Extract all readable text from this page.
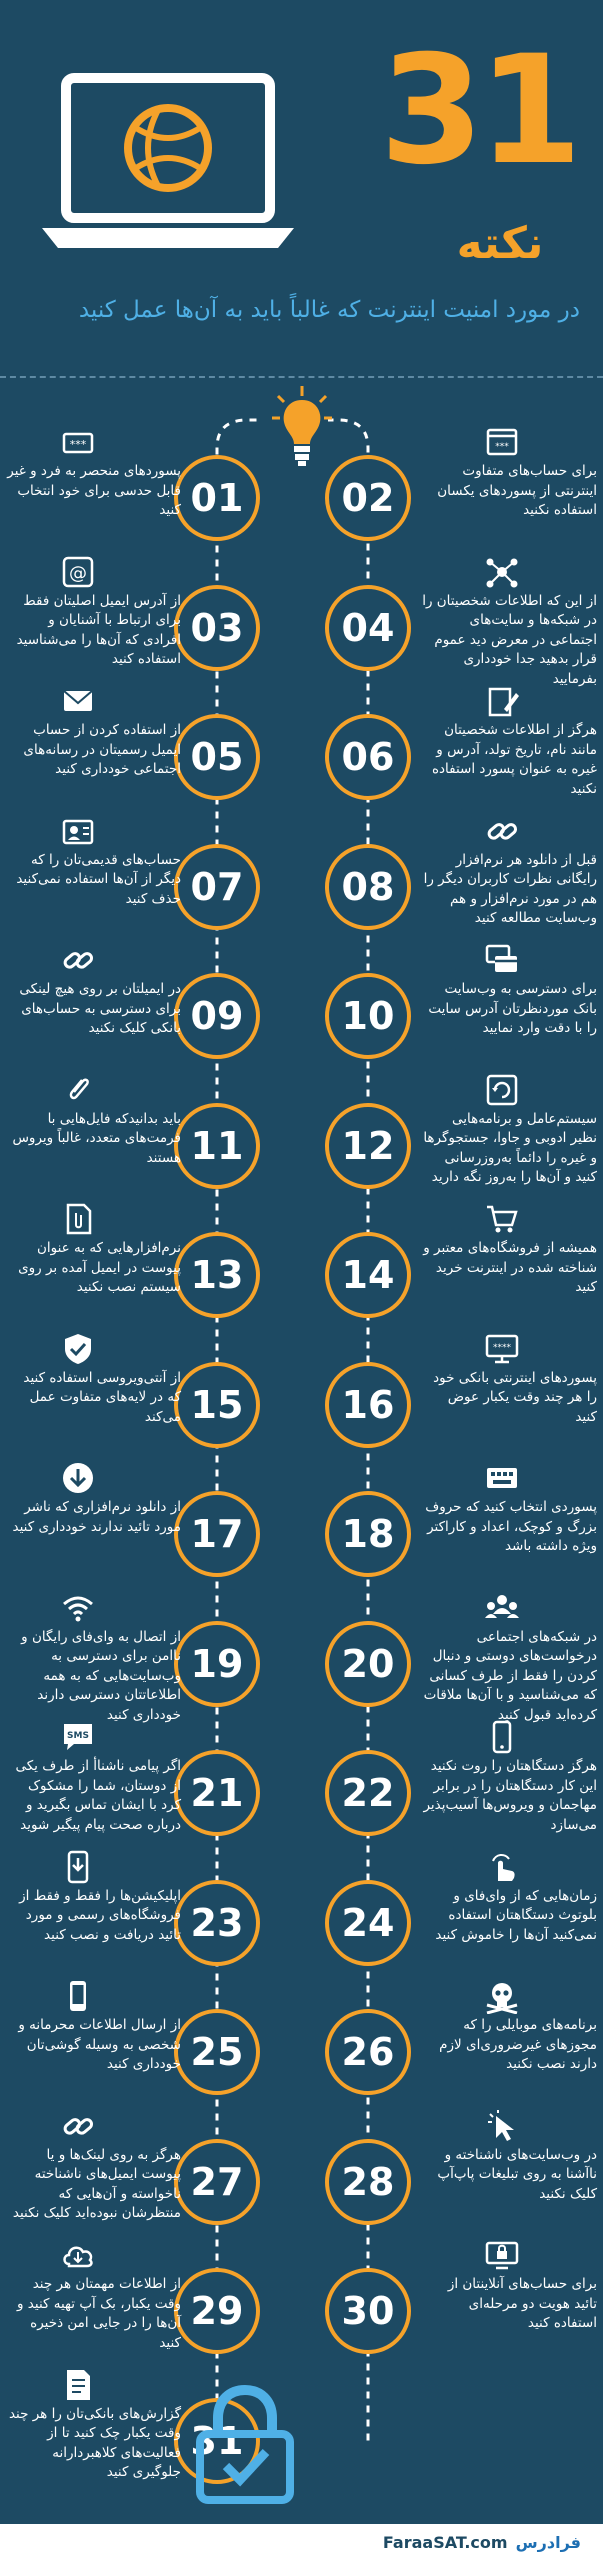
31
نکته
در مورد امنیت اینترنت که غالباً باید به آن‌ها عمل کنید
01
***
پسوردهای منحصر به فرد و غیر قابل حدسی برای خود انتخاب کنید	02
***
برای حساب‌های متفاوت اینترنتی از پسوردهای یکسان استفاده نکنید
03
@
از آدرس ایمیل اصلیتان فقط برای ارتباط با آشنایان و افرادی که آن‌ها را می‌شناسید استفاده کنید
04
از این که اطلاعات شخصیتان را در شبکه‌ها و سایت‌های اجتماعی در معرض دید عموم قرار بدهید جدا خودداری بفرمایید
05
از استفاده کردن از حساب ایمیل رسمیتان در رسانه‌های اجتماعی خودداری کنید	06
هرگز از اطلاعات شخصیتان مانند نام، تاریخ تولد، آدرس و غیره به عنوان پسورد استفاده نکنید
07
حساب‌های قدیمی‌تان را که دیگر از آن‌ها استفاده نمی‌کنید حذف کنید	08
قبل از دانلود هر نرم‌افزار رایگانی نظرات کاربران دیگر را هم در مورد نرم‌افزار و هم وب‌سایت مطالعه کنید
09
در ایمیلتان بر روی هیچ لینکی برای دسترسی به حساب‌های بانکی کلیک نکنید	10
برای دسترسی به وب‌سایت بانک موردنظرتان آدرس سایت را با دقت وارد نمایید
11
باید بدانیدکه فایل‌هایی با فرمت‌های متعدد، غالباً ویروس هستند	12
سیستم‌عامل و برنامه‌هایی نظیر ادوبی و جاوا، جستجوگرها و غیره را دائماً به‌روزرسانی کنید و آن‌ها را به‌روز نگه دارید
13
نرم‌افزارهایی که به عنوان پیوست در ایمیل آمده بر روی سیستم نصب نکنید	14
همیشه از فروشگاه‌های معتبر و شناخته شده در اینترنت خرید کنید
15
از آنتی‌ویروسی استفاده کنید که در لایه‌های متفاوت عمل می‌کند	16
****
پسوردهای اینترنتی بانکی خود را هر چند وقت یکبار عوض کنید
17
از دانلود نرم‌افزاری که ناشر مورد تائید ندارند خودداری کنید	18
پسوردی انتخاب کنید که حروف بزرگ و کوچک، اعداد و کاراکتر ویژه داشته باشد
19
از اتصال به وای‌فای رایگان و ناامن برای دسترسی به وب‌سایت‌هایی که به همه اطلاعاتتان دسترسی دارند خودداری کنید
20
در شبکه‌های اجتماعی درخواست‌های دوستی و دنبال کردن را فقط از طرف کسانی که می‌شناسید و با آن‌ها ملاقات کرده‌اید قبول کنید
21
SMS
اگر پیامی ناشناأ از طرف یکی از دوستان، شما را مشکوک کرد با ایشان تماس بگیرید و درباره صحت پیام پیگیر شوید
22
هرگز دستگاهتان را روت نکنید این کار دستگاهتان را در برابر مهاجمان و ویروس‌ها آسیب‌پذیر می‌سازد
23
اپلیکیشن‌ها را فقط و فقط از فروشگاه‌های رسمی و مورد تائید دریافت و نصب کنید	24
زمان‌هایی که از وای‌فای و بلوتوث دستگاهتان استفاده نمی‌کنید آن‌ها را خاموش کنید
25
از ارسال اطلاعات محرمانه و شخصی به وسیله گوشی‌تان خودداری کنید	26
برنامه‌های موبایلی را که مجوزهای غیرضروری‌ای لازم دارند نصب نکنید
27
هرگز به روی لینک‌ها و یا پیوست ایمیل‌های ناشناخته ناخواسته و آن‌هایی که منتظرشان نبوده‌اید کلیک نکنید
28
در وب‌سایت‌های ناشناخته و ناآشنا به روی تبلیغات پاپ‌آپ کلیک نکنید
29
از اطلاعات مهمتان هر چند وقت یکبار، بک آپ تهیه کنید و آن‌ها را در جایی امن ذخیره کنید
30
برای حساب‌های آنلاینتان از تائید هویت دو مرحله‌ای استفاده کنید
31
گزارش‌های بانکی‌تان را هر چند وقت یکبار چک کنید تا از فعالیت‌های کلاهبردارانه جلوگیری کنید
FaraaSAT.com فرادرس
